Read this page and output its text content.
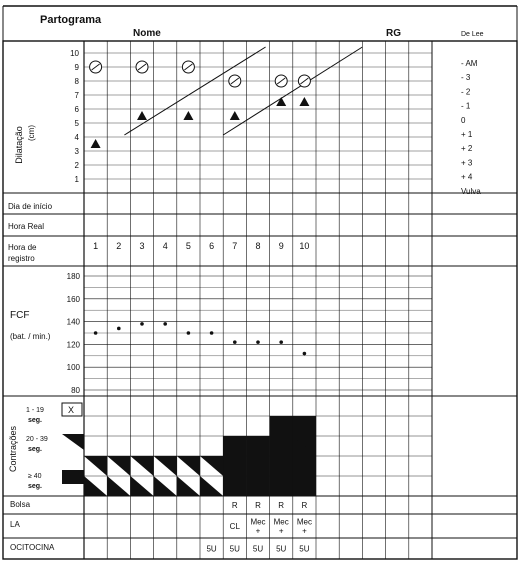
Partograma
Nome	RG	De Lee
Dilatação (cm)
10
9
8
7
6
5
4
3
2
1
- AM
- 3
- 2
- 1
0
+ 1
+ 2
+ 3
+ 4
Vulva
Dia de início
Hora Real
Hora de
registro
1 2 3 4 5 6 7 8 9 10
FCF
(bat. / min.)
180
160
140
120
100
80
Contrações
1 - 19
seg.
X
20 - 39
seg.
≥ 40
seg.
Bolsa
LA
OCITOCINA
R R R R
CL Mec
+
Mec
+
Mec
+
5U 5U 5U 5U 5U
